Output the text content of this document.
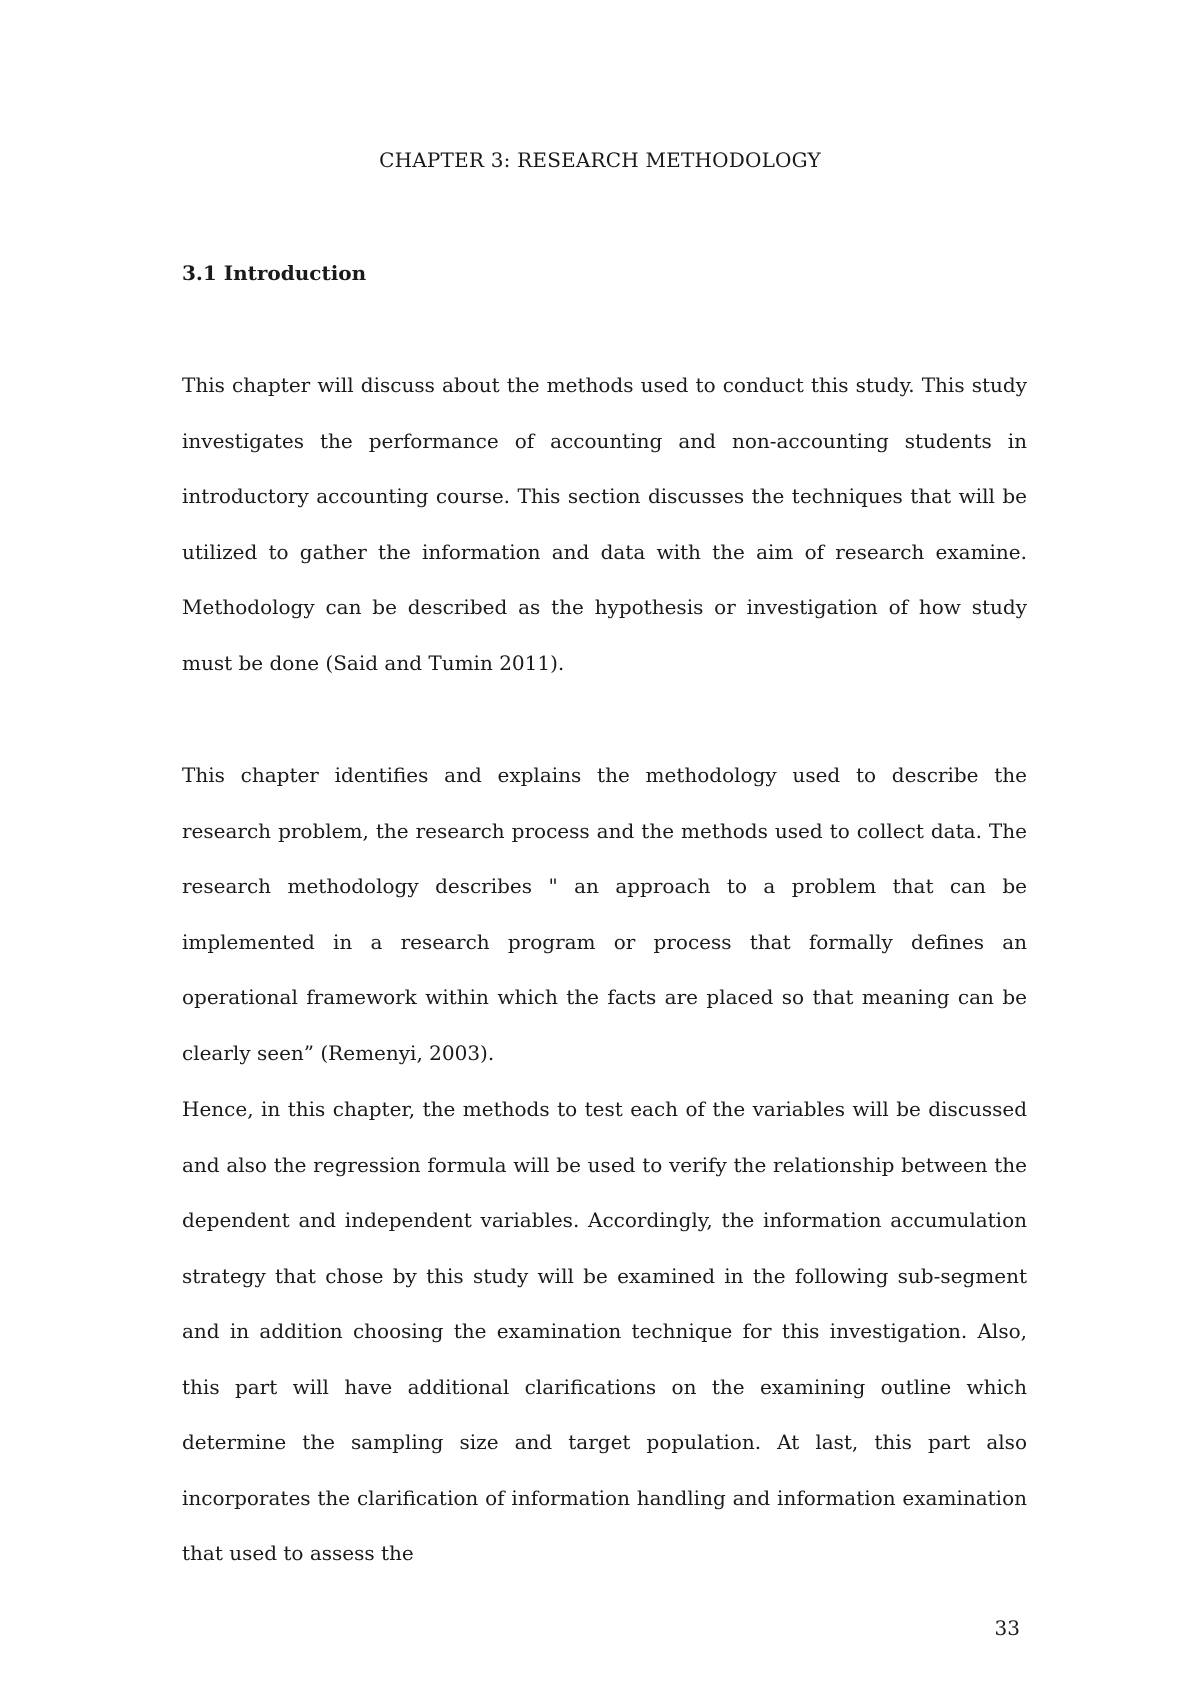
CHAPTER 3: RESEARCH METHODOLOGY
3.1 Introduction

This chapter will discuss about the methods used to conduct this study. This study investigates the performance of accounting and non-accounting students in introductory accounting course. This section discusses the techniques that will be utilized to gather the information and data with the aim of research examine. Methodology can be described as the hypothesis or investigation of how study must be done (Said and Tumin 2011).

This chapter identifies and explains the methodology used to describe the research problem, the research process and the methods used to collect data. The research methodology describes " an approach to a problem that can be implemented in a research program or process that formally defines an operational framework within which the facts are placed so that meaning can be clearly seen” (Remenyi, 2003).

Hence, in this chapter, the methods to test each of the variables will be discussed and also the regression formula will be used to verify the relationship between the dependent and independent variables. Accordingly, the information accumulation strategy that chose by this study will be examined in the following sub-segment and in addition choosing the examination technique for this investigation. Also, this part will have additional clarifications on the examining outline which determine the sampling size and target population. At last, this part also incorporates the clarification of information handling and information examination that used to assess the

33
